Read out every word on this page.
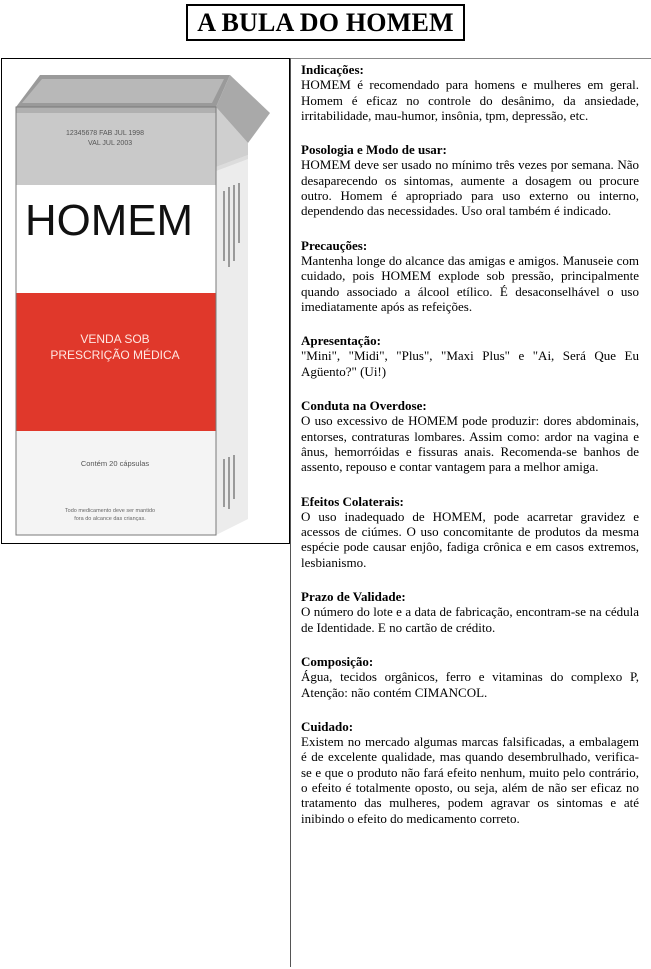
A BULA DO HOMEM
12345678 FAB JUL 1998
VAL JUL 2003
HOMEM
VENDA SOB
PRESCRIÇÃO MÉDICA
Contém 20 cápsulas
Todo medicamento deve ser mantido
fora do alcance das crianças.
Indicações:
HOMEM é recomendado para homens e mulheres em geral. Homem é eficaz no controle do desânimo, da ansiedade, irritabilidade, mau-humor, insônia, tpm, depressão, etc.
Posologia e Modo de usar:
HOMEM deve ser usado no mínimo três vezes por semana. Não desaparecendo os sintomas, aumente a dosagem ou procure outro. Homem é apropriado para uso externo ou interno, dependendo das necessidades. Uso oral também é indicado.
Precauções:
Mantenha longe do alcance das amigas e amigos. Manuseie com cuidado, pois HOMEM explode sob pressão, principalmente quando associado a álcool etílico. É desaconselhável o uso imediatamente após as refeições.
Apresentação:
"Mini", "Midi", "Plus", "Maxi Plus" e "Ai, Será Que Eu Agüento?" (Ui!)
Conduta na Overdose:
O uso excessivo de HOMEM pode produzir: dores abdominais, entorses, contraturas lombares. Assim como: ardor na vagina e ânus, hemorróidas e fissuras anais. Recomenda-se banhos de assento, repouso e contar vantagem para a melhor amiga.
Efeitos Colaterais:
O uso inadequado de HOMEM, pode acarretar gravidez e acessos de ciúmes. O uso concomitante de produtos da mesma espécie pode causar enjôo, fadiga crônica e em casos extremos, lesbianismo.
Prazo de Validade:
O número do lote e a data de fabricação, encontram-se na cédula de Identidade. E no cartão de crédito.
Composição:
Água, tecidos orgânicos, ferro e vitaminas do complexo P, Atenção: não contém CIMANCOL.
Cuidado:
Existem no mercado algumas marcas falsificadas, a embalagem é de excelente qualidade, mas quando desembrulhado, verifica-se e que o produto não fará efeito nenhum, muito pelo contrário, o efeito é totalmente oposto, ou seja, além de não ser eficaz no tratamento das mulheres, podem agravar os sintomas e até inibindo o efeito do medicamento correto.
